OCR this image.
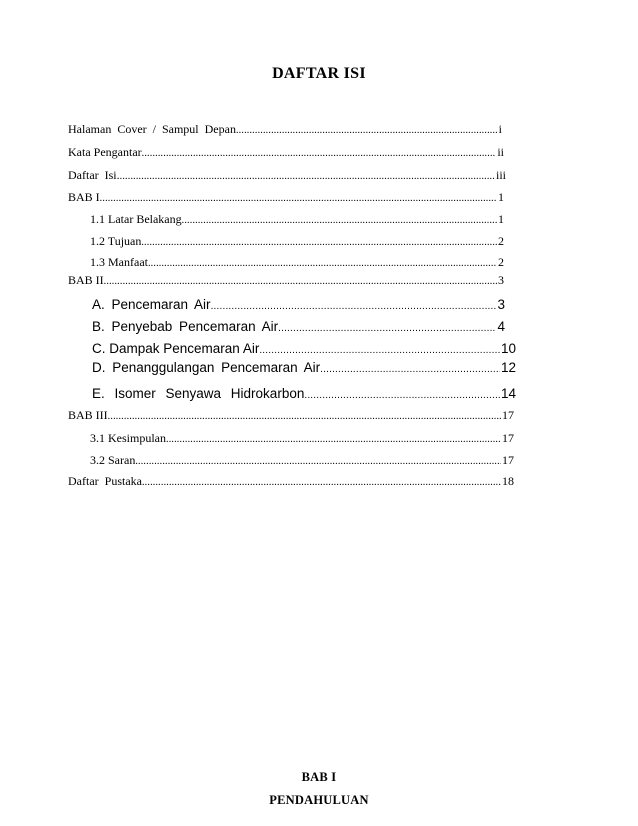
DAFTAR ISI
Halaman Cover / Sampul Depan .....	i
Kata Pengantar .....	ii
Daftar Isi. .....	iii
BAB I .....	1
1.1 Latar Belakang .....	1
1.2 Tujuan .....	2
1.3 Manfaat .....	2
BAB II .....	3
A. Pencemaran Air .....	3
B. Penyebab Pencemaran Air .....	4
C. Dampak Pencemaran Air .....	10
D. Penanggulangan Pencemaran Air .....	12
E. Isomer Senyawa Hidrokarbon .....	14
BAB III .....	17
3.1 Kesimpulan .....	17
3.2 Saran .....	17
Daftar Pustaka .....	18
BAB I
PENDAHULUAN
